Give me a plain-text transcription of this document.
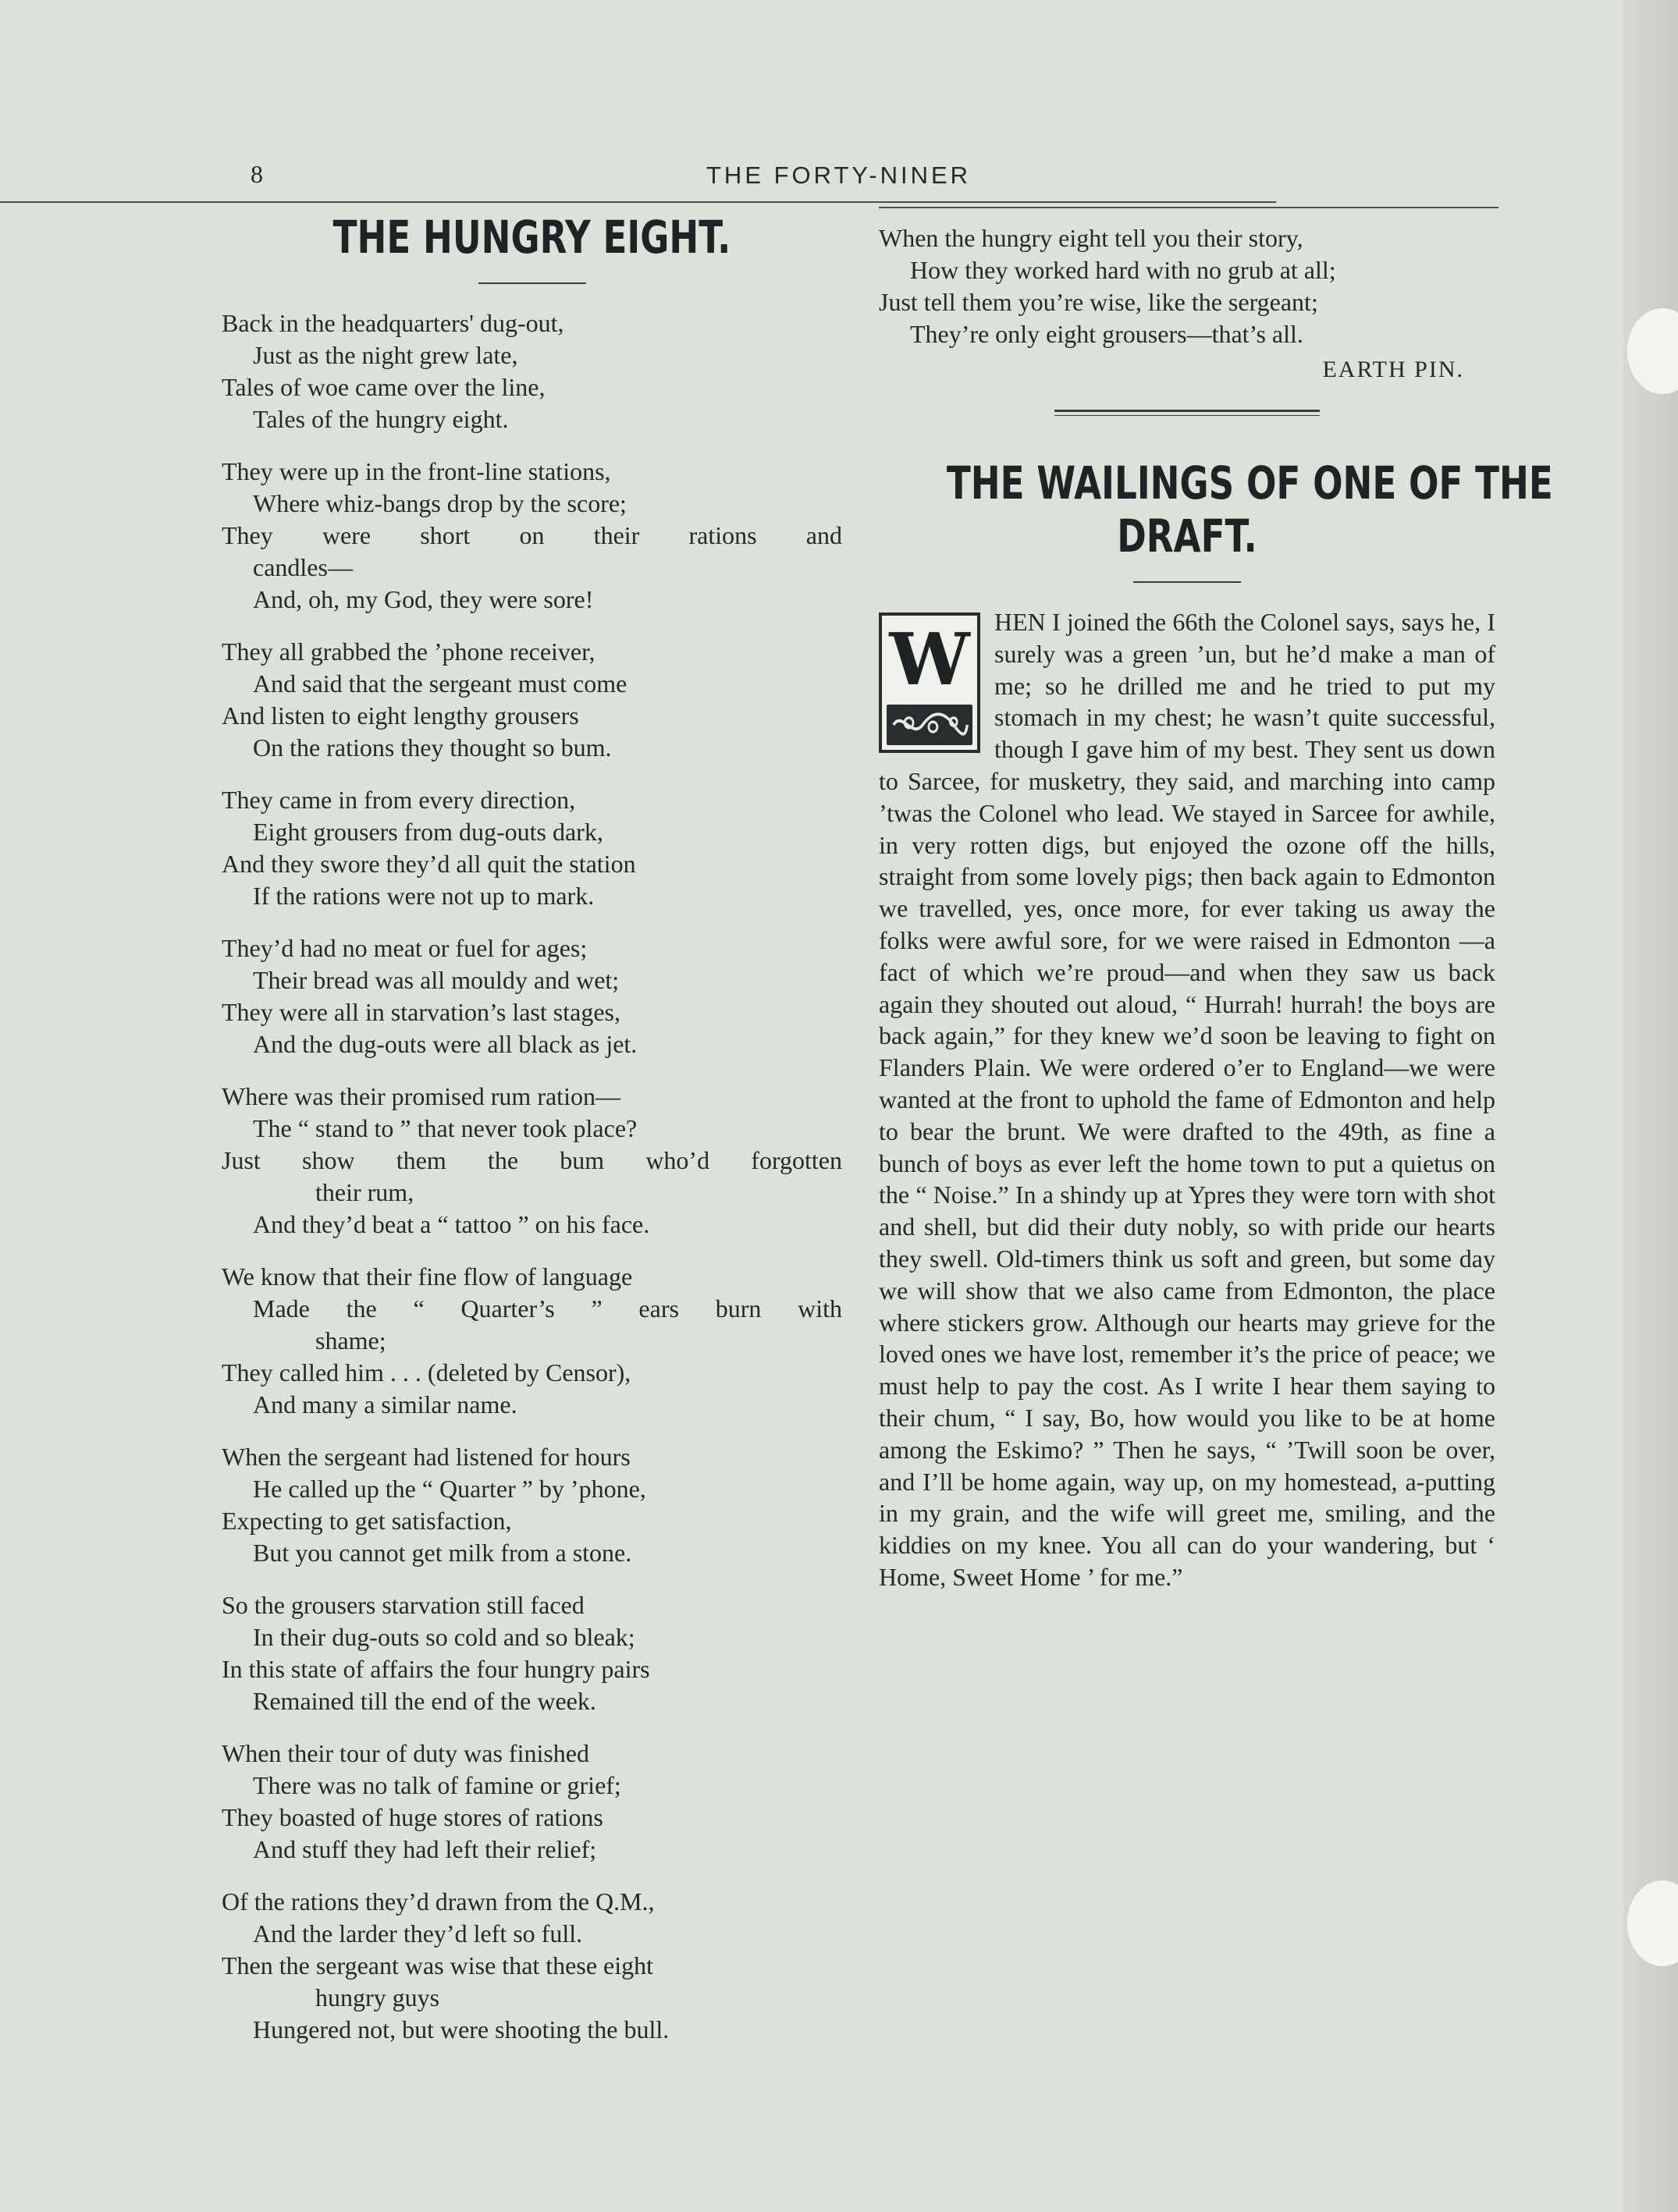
8	THE FORTY-NINER
THE HUNGRY EIGHT.
Back in the headquarters' dug-out,
Just as the night grew late,
Tales of woe came over the line,
Tales of the hungry eight.
They were up in the front-line stations,
Where whiz-bangs drop by the score;
They were short on their rations and
candles—
And, oh, my God, they were sore!
They all grabbed the ’phone receiver,
And said that the sergeant must come
And listen to eight lengthy grousers
On the rations they thought so bum.
They came in from every direction,
Eight grousers from dug-outs dark,
And they swore they’d all quit the station
If the rations were not up to mark.
They’d had no meat or fuel for ages;
Their bread was all mouldy and wet;
They were all in starvation’s last stages,
And the dug-outs were all black as jet.
Where was their promised rum ration—
The “ stand to ” that never took place?
Just show them the bum who’d forgotten
their rum,
And they’d beat a “ tattoo ” on his face.
We know that their fine flow of language
Made the “ Quarter’s ” ears burn with
shame;
They called him . . . (deleted by Censor),
And many a similar name.
When the sergeant had listened for hours
He called up the “ Quarter ” by ’phone,
Expecting to get satisfaction,
But you cannot get milk from a stone.
So the grousers starvation still faced
In their dug-outs so cold and so bleak;
In this state of affairs the four hungry pairs
Remained till the end of the week.
When their tour of duty was finished
There was no talk of famine or grief;
They boasted of huge stores of rations
And stuff they had left their relief;
Of the rations they’d drawn from the Q.M.,
And the larder they’d left so full.
Then the sergeant was wise that these eight
hungry guys
Hungered not, but were shooting the bull.
When the hungry eight tell you their story,
How they worked hard with no grub at all;
Just tell them you’re wise, like the sergeant;
They’re only eight grousers—that’s all.
EARTH PIN.
THE WAILINGS OF ONE OF THE
DRAFT.
W HEN I joined the 66th the Colonel says, says he, I surely was a green ’un, but he’d make a man of me; so he drilled me and he tried to put my stomach in my chest; he wasn’t quite successful, though I gave him of my best. They sent us down to Sarcee, for musketry, they said, and marching into camp ’twas the Colonel who lead. We stayed in Sarcee for awhile, in very rotten digs, but enjoyed the ozone off the hills, straight from some lovely pigs; then back again to Edmonton we travelled, yes, once more, for ever taking us away the folks were awful sore, for we were raised in Edmonton —a fact of which we’re proud—and when they saw us back again they shouted out aloud, “ Hurrah! hurrah! the boys are back again,” for they knew we’d soon be leaving to fight on Flanders Plain. We were ordered o’er to England—we were wanted at the front to uphold the fame of Edmonton and help to bear the brunt. We were drafted to the 49th, as fine a bunch of boys as ever left the home town to put a quietus on the “ Noise.” In a shindy up at Ypres they were torn with shot and shell, but did their duty nobly, so with pride our hearts they swell. Old-timers think us soft and green, but some day we will show that we also came from Edmonton, the place where stickers grow. Although our hearts may grieve for the loved ones we have lost, remember it’s the price of peace; we must help to pay the cost. As I write I hear them saying to their chum, “ I say, Bo, how would you like to be at home among the Eskimo? ” Then he says, “ ’Twill soon be over, and I’ll be home again, way up, on my homestead, a-putting in my grain, and the wife will greet me, smiling, and the kiddies on my knee. You all can do your wandering, but ‘ Home, Sweet Home ’ for me.”
